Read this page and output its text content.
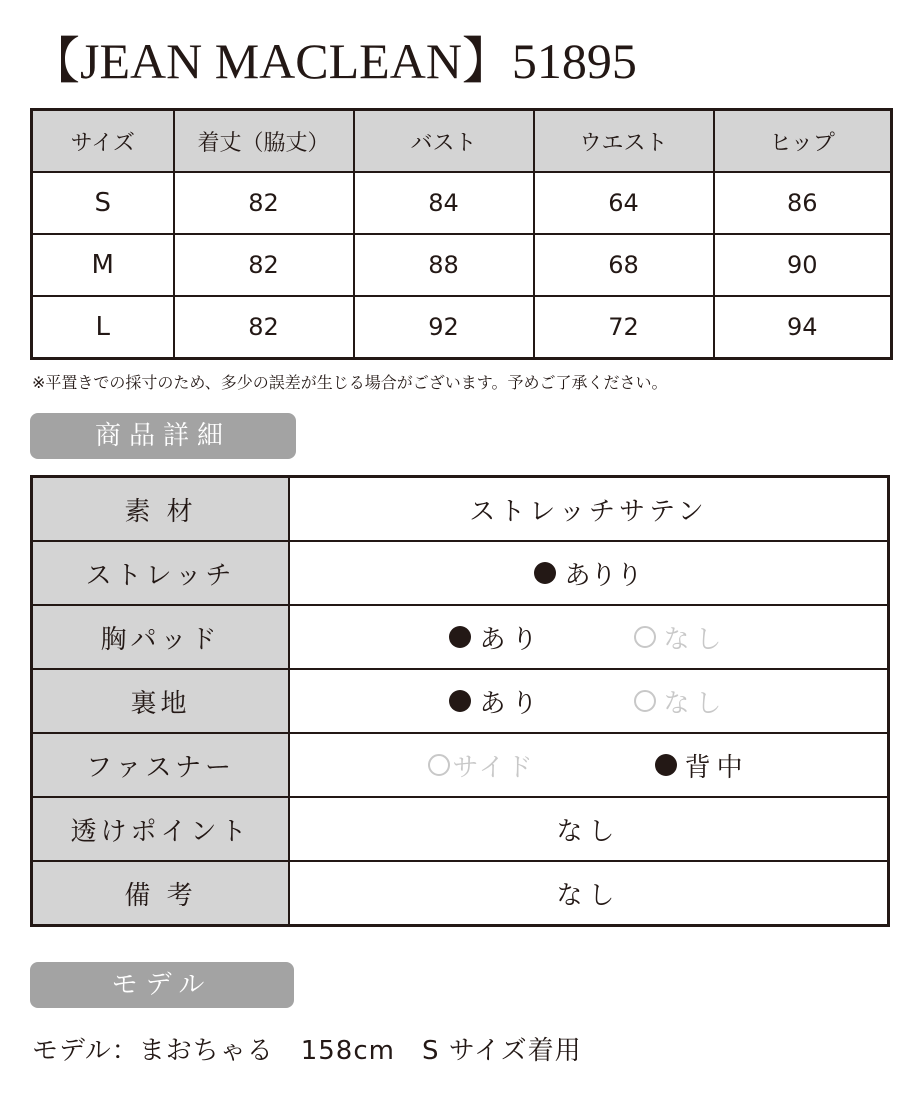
【JEAN MACLEAN】51895
サイズ	着丈（脇丈）	バスト	ウエスト	ヒップ
S	82	84	64	86
M	82	88	68	90
L	82	92	72	94
※平置きでの採寸のため、多少の誤差が生じる場合がございます。予めご了承ください。
商品詳細
素 材	ストレッチサテン
ストレッチ	ありり

胸パッド	あり なし

裏地	あり なし

ファスナー	サイド 背中

透けポイント	なし
備 考	なし
モデル
モデル：まおちゃる　158cm　S サイズ着用
